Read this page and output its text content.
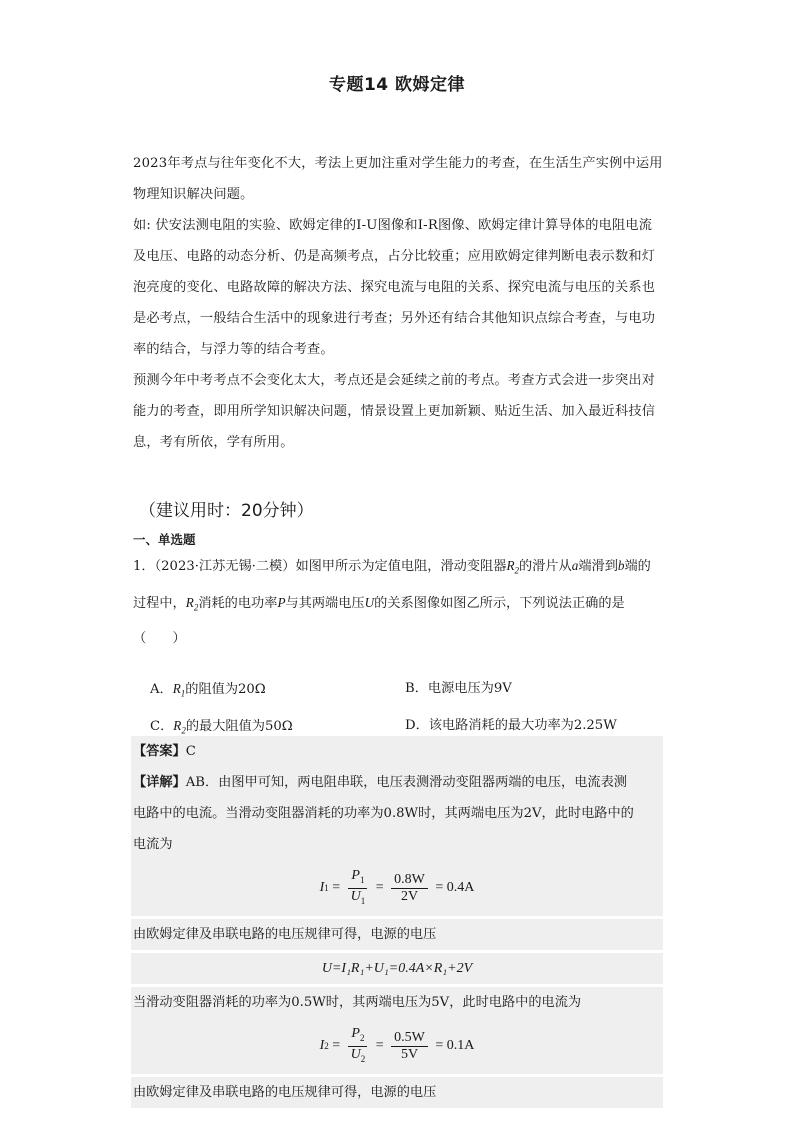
专题14 欧姆定律

2023年考点与往年变化不大，考法上更加注重对学生能力的考查，在生活生产实例中运用物理知识解决问题。

如: 伏安法测电阻的实验、欧姆定律的I-U图像和I-R图像、欧姆定律计算导体的电阻电流及电压、电路的动态分析、仍是高频考点，占分比较重；应用欧姆定律判断电表示数和灯泡亮度的变化、电路故障的解决方法、探究电流与电阻的关系、探究电流与电压的关系也是必考点，一般结合生活中的现象进行考查；另外还有结合其他知识点综合考查，与电功率的结合，与浮力等的结合考查。

预测今年中考考点不会变化太大，考点还是会延续之前的考点。考查方式会进一步突出对能力的考查，即用所学知识解决问题，情景设置上更加新颖、贴近生活、加入最近科技信息，考有所依，学有所用。

（建议用时：20分钟）
一、单选题
1．（2023·江苏无锡·二模）如图甲所示为定值电阻，滑动变阻器$R_2$的滑片从a端滑到b端的过程中，$R_2$消耗的电功率P与其两端电压U的关系图像如图乙所示，下列说法正确的是（　　）
A．$R_1$的阻值为20Ω	B．电源电压为9V
C．$R_2$的最大阻值为50Ω	D．该电路消耗的最大功率为2.25W
【答案】C
【详解】AB．由图甲可知，两电阻串联，电压表测滑动变阻器两端的电压，电流表测
电路中的电流。当滑动变阻器消耗的功率为0.8W时，其两端电压为2V，此时电路中的
电流为
I $1 = \frac{P_1}{U_1} = \frac{0.8W}{2V} = 0.4A$
由欧姆定律及串联电路的电压规律可得，电源的电压
U=I₁R₁+U₁=0.4A×R₁+2V
当滑动变阻器消耗的功率为0.5W时，其两端电压为5V，此时电路中的电流为
I $2 = \frac{P_2}{U_2} = \frac{0.5W}{5V} = 0.1A$
由欧姆定律及串联电路的电压规律可得，电源的电压
